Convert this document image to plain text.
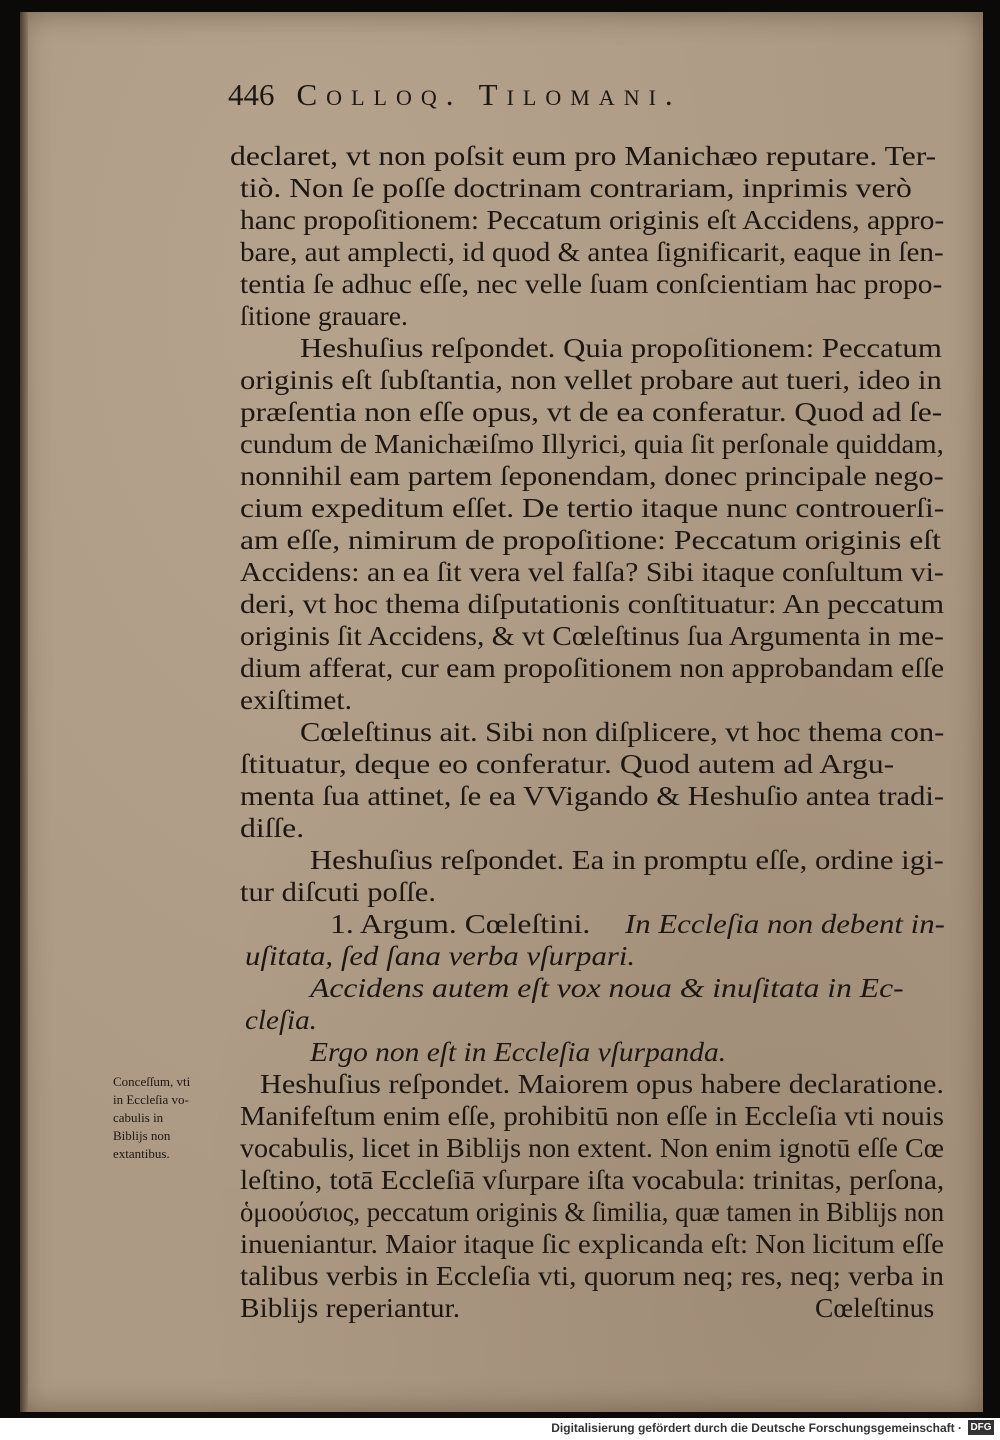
446 Colloq. Tilomani.
declaret, vt non poſsit eum pro Manichæo reputare. Ter-
tiò. Non ſe poſſe doctrinam contrariam, inprimis verò
hanc propoſitionem: Peccatum originis eſt Accidens, appro-
bare, aut amplecti, id quod & antea ſignificarit, eaque in ſen-
tentia ſe adhuc eſſe, nec velle ſuam conſcientiam hac propo-
ſitione grauare.
Heshuſius reſpondet. Quia propoſitionem: Peccatum
originis eſt ſubſtantia, non vellet probare aut tueri, ideo in
præſentia non eſſe opus, vt de ea conferatur. Quod ad ſe-
cundum de Manichæiſmo Illyrici, quia ſit perſonale quiddam,
nonnihil eam partem ſeponendam, donec principale nego-
cium expeditum eſſet. De tertio itaque nunc controuerſi-
am eſſe, nimirum de propoſitione: Peccatum originis eſt
Accidens: an ea ſit vera vel falſa? Sibi itaque conſultum vi-
deri, vt hoc thema diſputationis conſtituatur: An peccatum
originis ſit Accidens, & vt Cœleſtinus ſua Argumenta in me-
dium afferat, cur eam propoſitionem non approbandam eſſe
exiſtimet.
Cœleſtinus ait. Sibi non diſplicere, vt hoc thema con-
ſtituatur, deque eo conferatur. Quod autem ad Argu-
menta ſua attinet, ſe ea VVigando & Heshuſio antea tradi-
diſſe.
Heshuſius reſpondet. Ea in promptu eſſe, ordine igi-
tur diſcuti poſſe.
1. Argum. Cœleſtini. In Eccleſia non debent in-
uſitata, ſed ſana verba vſurpari.
Accidens autem eſt vox noua & inuſitata in Ec-
cleſia.
Ergo non eſt in Eccleſia vſurpanda.
Heshuſius reſpondet. Maiorem opus habere declaratione.
Manifeſtum enim eſſe, prohibitū non eſſe in Eccleſia vti nouis
vocabulis, licet in Biblijs non extent. Non enim ignotū eſſe Cœ
leſtino, totā Eccleſiā vſurpare iſta vocabula: trinitas, perſona,
ὁμοούσιος, peccatum originis & ſimilia, quæ tamen in Biblijs non
inueniantur. Maior itaque ſic explicanda eſt: Non licitum eſſe
talibus verbis in Eccleſia vti, quorum neq; res, neq; verba in
Biblijs reperiantur.	Cœleſtinus
Conceſſum, vti
in Eccleſia vo-
cabulis in
Biblijs non
extantibus.
Digitalisierung gefördert durch die Deutsche Forschungsgemeinschaft · DFG
